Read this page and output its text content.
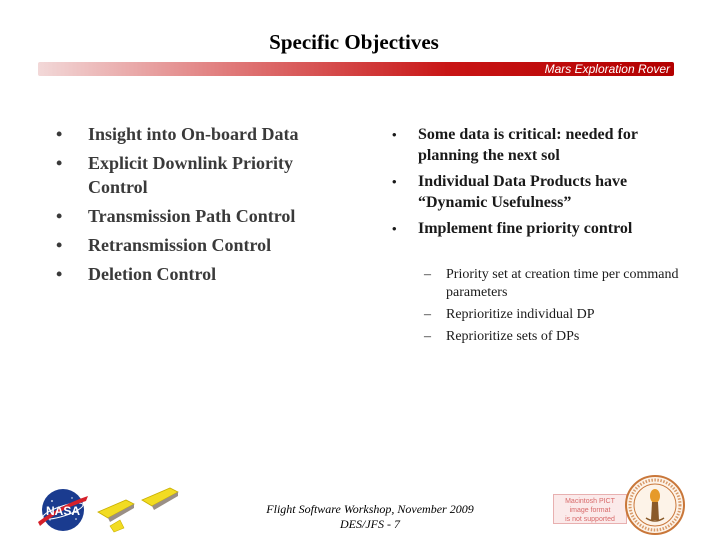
Specific Objectives
Mars Exploration Rover
• Insight into On-board Data
• Explicit Downlink Priority Control
• Transmission Path Control
• Retransmission Control
• Deletion Control
• Some data is critical: needed for planning the next sol
• Individual Data Products have “Dynamic Usefulness”
• Implement fine priority control
– Priority set at creation time per command parameters
– Reprioritize individual DP
– Reprioritize sets of DPs
Flight Software Workshop, November 2009
DES/JFS - 7
NASA
Macintosh PICT
image format
is not supported
